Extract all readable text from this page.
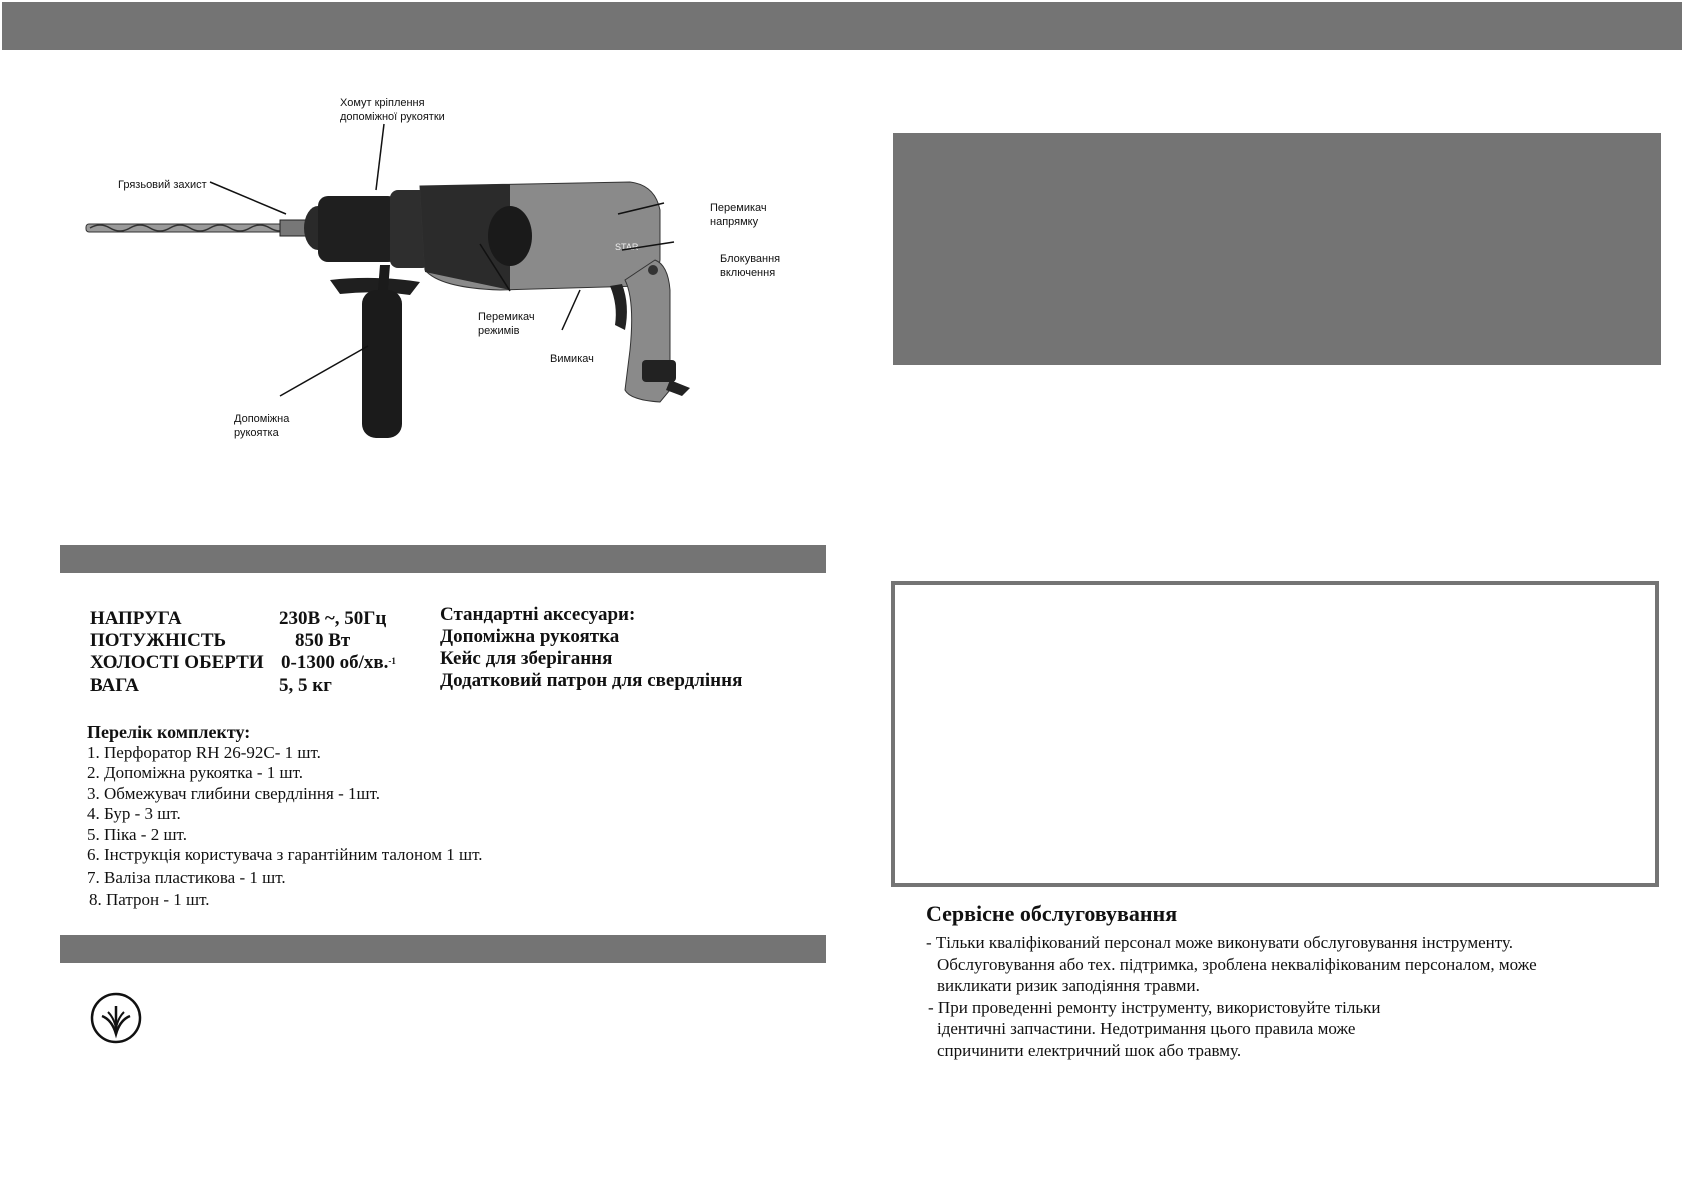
STAR
Хомут кріплення
допоміжної рукоятки
Грязьовий захист
Перемикач
напрямку
Блокування
включення
Перемикач
режимів
Вимикач
Допоміжна
рукоятка
НАПРУГА	230В ~, 50Гц
ПОТУЖНІСТЬ	850 Вт
ХОЛОСТІ ОБЕРТИ 0-1300 об/хв.$^{-1}$
ВАГА	5, 5 кг
Стандартні аксесуари:
Допоміжна рукоятка
Кейс для зберігання
Додатковий патрон для свердління
Перелік комплекту:
1. Перфоратор RH 26-92С- 1 шт.
2. Допоміжна рукоятка - 1 шт.
3. Обмежувач глибини свердління - 1шт.
4. Бур - 3 шт.
5. Піка - 2 шт.
6. Інструкція користувача з гарантійним талоном 1 шт.
7. Валіза пластикова - 1 шт.
8. Патрон - 1 шт.
Сервісне обслуговування
- Тільки кваліфікований персонал може виконувати обслуговування інструменту.
Обслуговування або тех. підтримка, зроблена некваліфікованим персоналом, може
викликати ризик заподіяння травми.
- При проведенні ремонту інструменту, використовуйте тільки
ідентичні запчастини. Недотримання цього правила може
спричинити електричний шок або травму.
